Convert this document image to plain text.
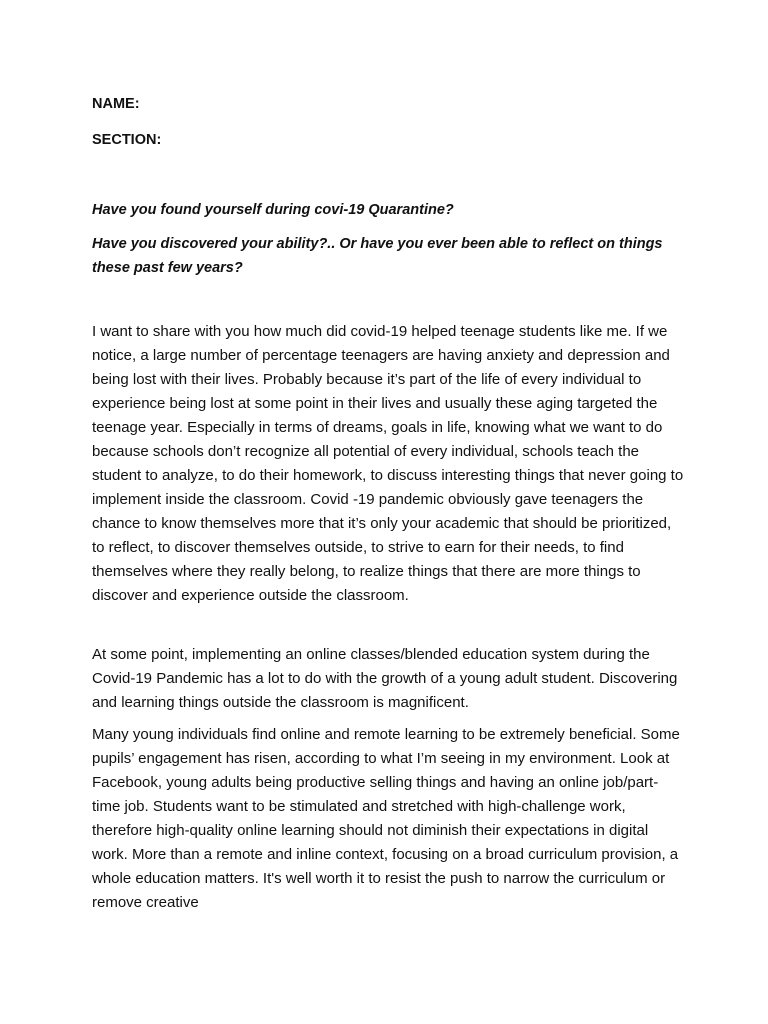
NAME:
SECTION:
Have you found yourself during covi-19 Quarantine?
Have you discovered your ability?.. Or have you ever been able to reflect on things these past few years?

I want to share with you how much did covid-19 helped teenage students like me. If we notice, a large number of percentage teenagers are having anxiety and depression and being lost with their lives. Probably because it’s part of the life of every individual to experience being lost at some point in their lives and usually these aging targeted the teenage year. Especially in terms of dreams, goals in life, knowing what we want to do because schools don’t recognize all potential of every individual, schools teach the student to analyze, to do their homework, to discuss interesting things that never going to implement inside the classroom. Covid -19 pandemic obviously gave teenagers the chance to know themselves more that it’s only your academic that should be prioritized, to reflect, to discover themselves outside, to strive to earn for their needs, to find themselves where they really belong, to realize things that there are more things to discover and experience outside the classroom.

At some point, implementing an online classes/blended education system during the Covid-19 Pandemic has a lot to do with the growth of a young adult student. Discovering and learning things outside the classroom is magnificent.

Many young individuals find online and remote learning to be extremely beneficial. Some pupils’ engagement has risen, according to what I’m seeing in my environment. Look at Facebook, young adults being productive selling things and having an online job/part-time job. Students want to be stimulated and stretched with high-challenge work, therefore high-quality online learning should not diminish their expectations in digital work. More than a remote and inline context, focusing on a broad curriculum provision, a whole education matters. It's well worth it to resist the push to narrow the curriculum or remove creative
